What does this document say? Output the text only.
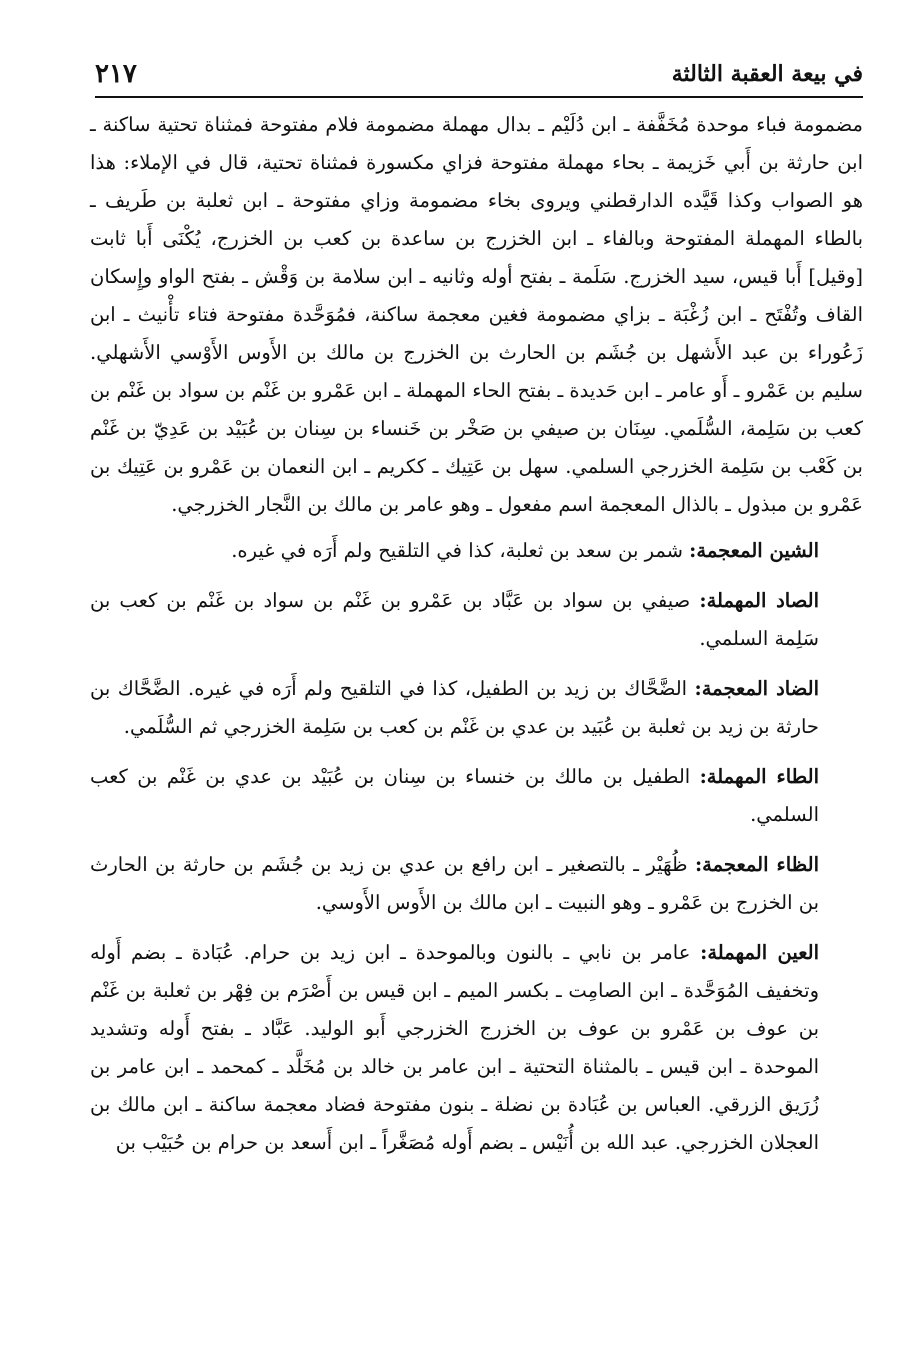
في بيعة العقبة الثالثة
٢١٧

مضمومة فباء موحدة مُخَفَّفة ـ ابن دُلَيْم ـ بدال مهملة مضمومة فلام مفتوحة فمثناة تحتية ساكنة ـ ابن حارثة بن أَبي خَزيمة ـ بحاء مهملة مفتوحة فزاي مكسورة فمثناة تحتية، قال في الإملاء: هذا هو الصواب وكذا قَيَّده الدارقطني ويروى بخاء مضمومة وزاي مفتوحة ـ ابن ثعلبة بن طَريف ـ بالطاء المهملة المفتوحة وبالفاء ـ ابن الخزرج بن ساعدة بن كعب بن الخزرج، يُكْنَى أَبا ثابت [وقيل] أَبا قيس، سيد الخزرج. سَلَمة ـ بفتح أوله وثانيه ـ ابن سلامة بن وَقْش ـ بفتح الواو وإِسكان القاف وتُفْتَح ـ ابن زُغْبَة ـ بزاي مضمومة فغين معجمة ساكنة، فمُوَحَّدة مفتوحة فتاء تأْنيث ـ ابن زَعُوراء بن عبد الأَشهل بن جُشَم بن الحارث بن الخزرج بن مالك بن الأَوس الأَوْسي الأَشهلي. سليم بن عَمْرو ـ أَو عامر ـ ابن حَديدة ـ بفتح الحاء المهملة ـ ابن عَمْرو بن غَنْم بن سواد بن غَنْم بن كعب بن سَلِمة، السُّلَمي. سِنَان بن صيفي بن صَخْر بن خَنساء بن سِنان بن عُبَيْد بن عَدِيّ بن غَنْم بن كَعْب بن سَلِمة الخزرجي السلمي. سهل بن عَتِيك ـ ككريم ـ ابن النعمان بن عَمْرو بن عَتِيك بن عَمْرو بن مبذول ـ بالذال المعجمة اسم مفعول ـ وهو عامر بن مالك بن النَّجار الخزرجي.

الشين المعجمة: شمر بن سعد بن ثعلبة، كذا في التلقيح ولم أَرَه في غيره.

الصاد المهملة: صيفي بن سواد بن عَبَّاد بن عَمْرو بن غَنْم بن سواد بن غَنْم بن كعب بن سَلِمة السلمي.

الضاد المعجمة: الضَّحَّاك بن زيد بن الطفيل، كذا في التلقيح ولم أَرَه في غيره. الضَّحَّاك بن حارثة بن زيد بن ثعلبة بن عُبَيد بن عدي بن غَنْم بن كعب بن سَلِمة الخزرجي ثم السُّلَمي.

الطاء المهملة: الطفيل بن مالك بن خنساء بن سِنان بن عُبَيْد بن عدي بن غَنْم بن كعب السلمي.

الظاء المعجمة: ظُهَيْر ـ بالتصغير ـ ابن رافع بن عدي بن زيد بن جُشَم بن حارثة بن الحارث بن الخزرج بن عَمْرو ـ وهو النبيت ـ ابن مالك بن الأَوس الأَوسي.

العين المهملة: عامر بن نابي ـ بالنون وبالموحدة ـ ابن زيد بن حرام. عُبَادة ـ بضم أَوله وتخفيف المُوَحَّدة ـ ابن الصامِت ـ بكسر الميم ـ ابن قيس بن أَصْرَم بن فِهْر بن ثعلبة بن غَنْم بن عوف بن عَمْرو بن عوف بن الخزرج الخزرجي أَبو الوليد. عَبَّاد ـ بفتح أَوله وتشديد الموحدة ـ ابن قيس ـ بالمثناة التحتية ـ ابن عامر بن خالد بن مُخَلَّد ـ كمحمد ـ ابن عامر بن زُرَيق الزرقي. العباس بن عُبَادة بن نضلة ـ بنون مفتوحة فضاد معجمة ساكنة ـ ابن مالك بن العجلان الخزرجي. عبد الله بن أُنَيْس ـ بضم أَوله مُصَغَّراً ـ ابن أَسعد بن حرام بن حُبَيْب بن
